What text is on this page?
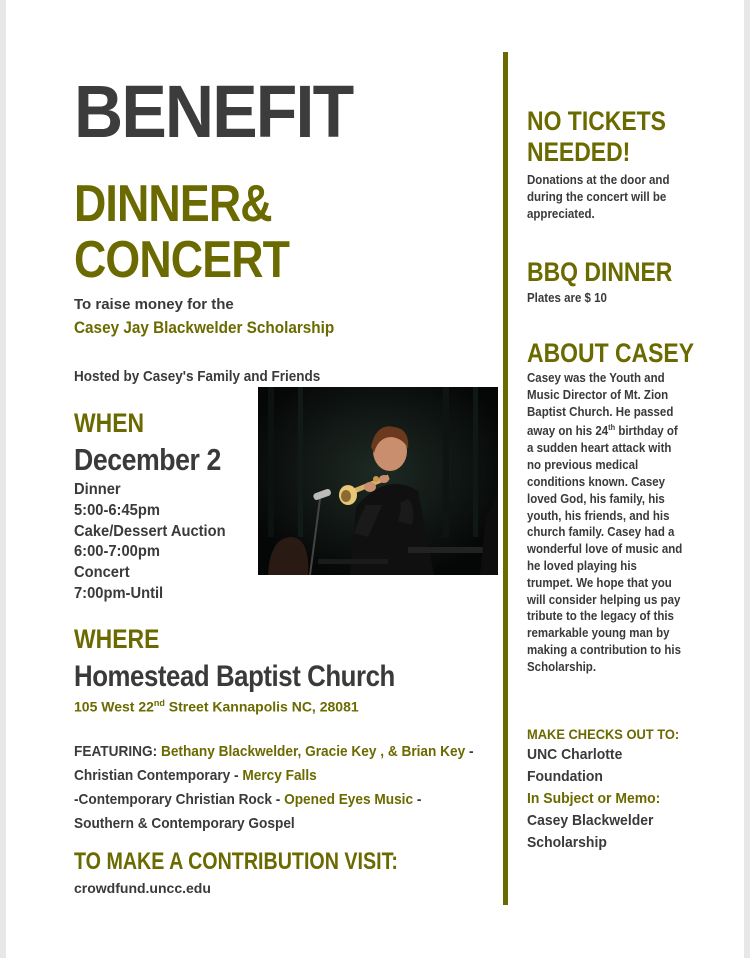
BENEFIT
DINNER&
CONCERT
To raise money for the
Casey Jay Blackwelder Scholarship
Hosted by Casey's Family and Friends
WHEN
December 2
Dinner
5:00-6:45pm
Cake/Dessert Auction
6:00-7:00pm
Concert
7:00pm-Until
WHERE
Homestead Baptist Church
105 West 22nd Street Kannapolis NC, 28081
FEATURING: Bethany Blackwelder, Gracie Key , & Brian Key -Christian Contemporary - Mercy Falls
-Contemporary Christian Rock - Opened Eyes Music -
Southern & Contemporary Gospel
TO MAKE A CONTRIBUTION VISIT:
crowdfund.uncc.edu
NO TICKETS
NEEDED!
Donations at the door and during the concert will be appreciated.
BBQ DINNER
Plates are $ 10
ABOUT CASEY
Casey was the Youth and Music Director of Mt. Zion Baptist Church. He passed away on his 24th birthday of a sudden heart attack with no previous medical conditions known. Casey loved God, his family, his youth, his friends, and his church family. Casey had a wonderful love of music and he loved playing his trumpet. We hope that you will consider helping us pay tribute to the legacy of this remarkable young man by making a contribution to his Scholarship.
MAKE CHECKS OUT TO:
UNC Charlotte
Foundation
In Subject or Memo:
Casey Blackwelder
Scholarship
